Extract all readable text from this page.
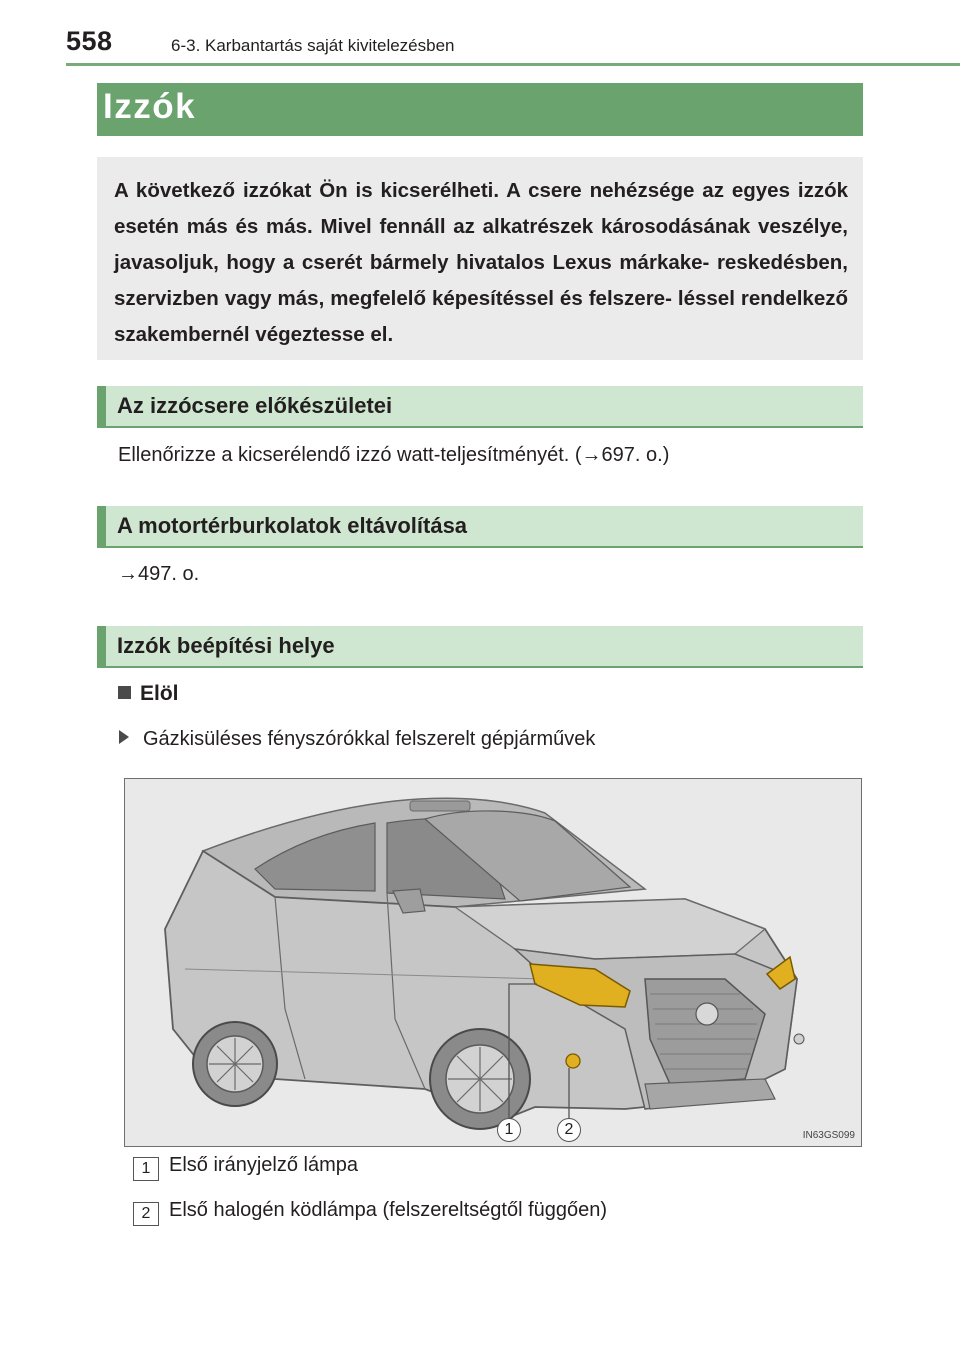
558	6-3. Karbantartás saját kivitelezésben
Izzók

A következő izzókat Ön is kicserélheti. A csere nehézsége az egyes izzók esetén más és más. Mivel fennáll az alkatrészek károsodásának veszélye, javasoljuk, hogy a cserét bármely hivatalos Lexus márkake- reskedésben, szervizben vagy más, megfelelő képesítéssel és felszere- léssel rendelkező szakembernél végeztesse el.

Az izzócsere előkészületei
Ellenőrizze a kicserélendő izzó watt-teljesítményét. (→697. o.)
A motortérburkolatok eltávolítása
→497. o.
Izzók beépítési helye
Elöl
Gázkisüléses fényszórókkal felszerelt gépjárművek
1	2	IN63GS099
1 Első irányjelző lámpa
2 Első halogén ködlámpa (felszereltségtől függően)
